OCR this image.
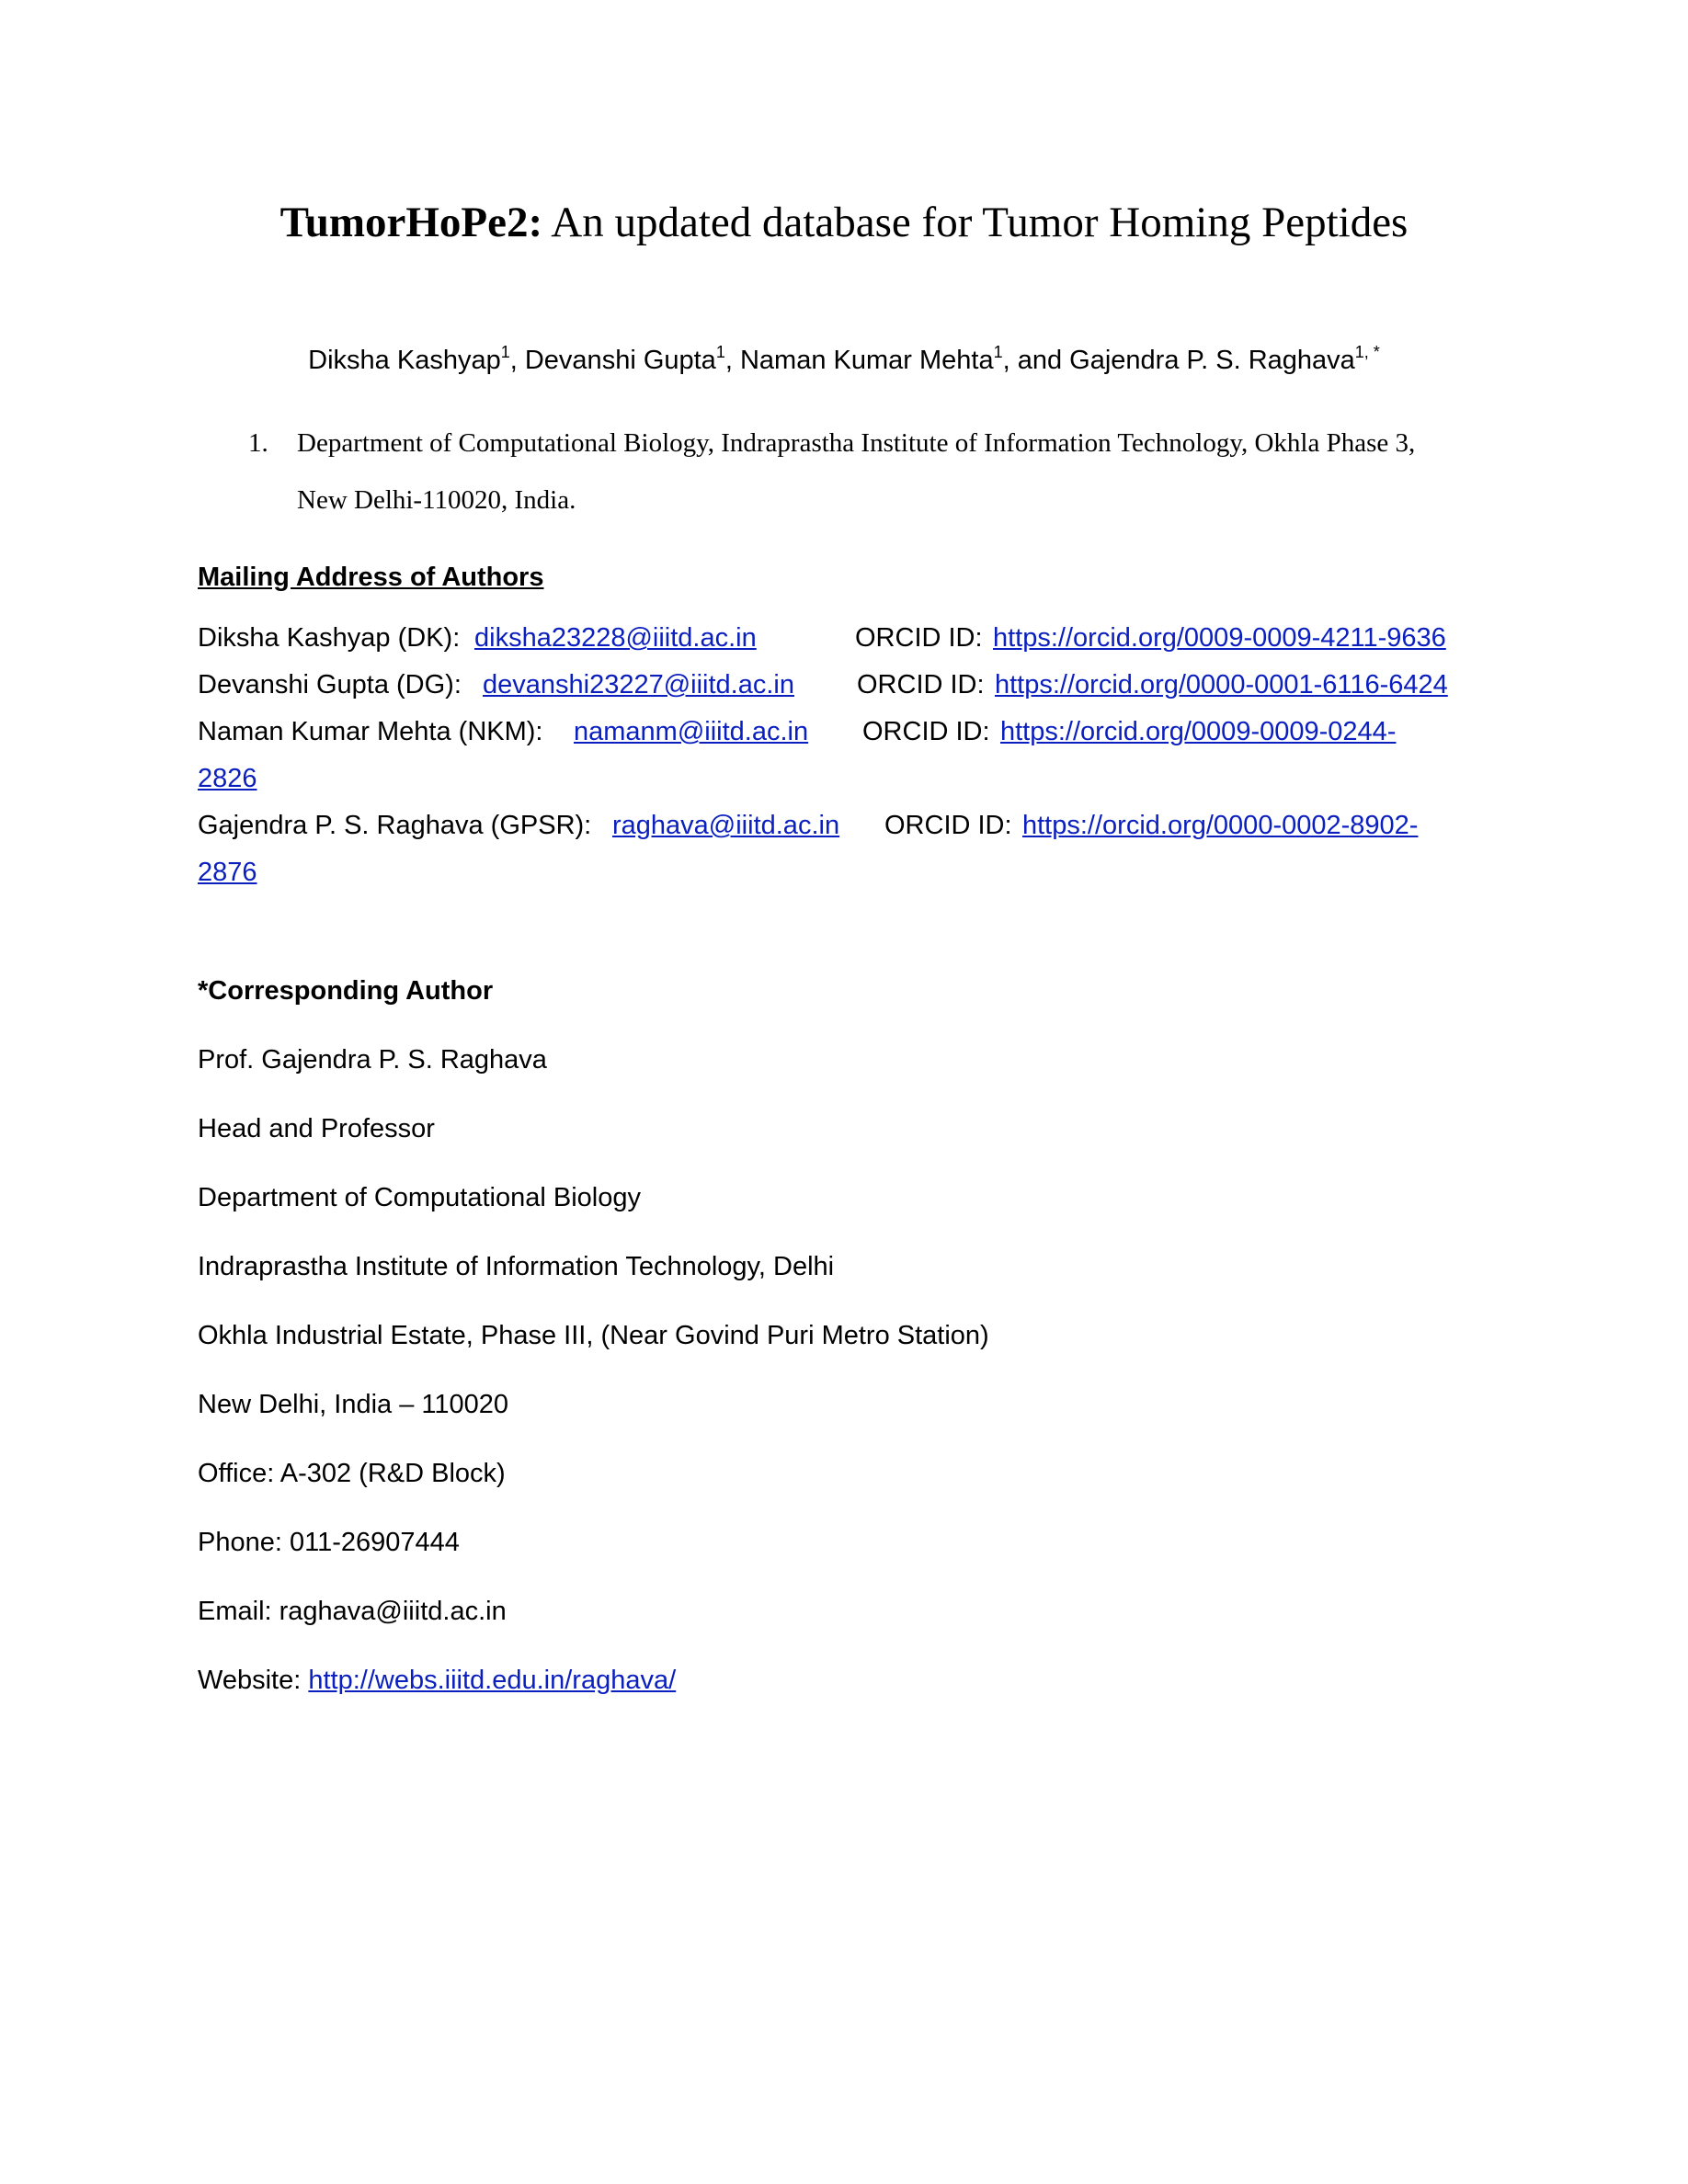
TumorHoPe2: An updated database for Tumor Homing Peptides
Diksha Kashyap$^1$, Devanshi Gupta$^1$, Naman Kumar Mehta$^1$, and Gajendra P. S. Raghava$^{1, *}$
1. Department of Computational Biology, Indraprastha Institute of Information Technology, Okhla Phase 3,
New Delhi-110020, India.
Mailing Address of Authors
Diksha Kashyap (DK): diksha23228@iiitd.ac.in	ORCID ID: https://orcid.org/0009-0009-4211-9636
Devanshi Gupta (DG): devanshi23227@iiitd.ac.in ORCID ID: https://orcid.org/0000-0001-6116-6424
Naman Kumar Mehta (NKM): namanm@iiitd.ac.in ORCID ID: https://orcid.org/0009-0009-0244-
2826
Gajendra P. S. Raghava (GPSR): raghava@iiitd.ac.in ORCID ID: https://orcid.org/0000-0002-8902-
2876
*Corresponding Author
Prof. Gajendra P. S. Raghava
Head and Professor
Department of Computational Biology
Indraprastha Institute of Information Technology, Delhi
Okhla Industrial Estate, Phase III, (Near Govind Puri Metro Station)
New Delhi, India – 110020
Office: A-302 (R&D Block)
Phone: 011-26907444
Email: raghava@iiitd.ac.in
Website: http://webs.iiitd.edu.in/raghava/
